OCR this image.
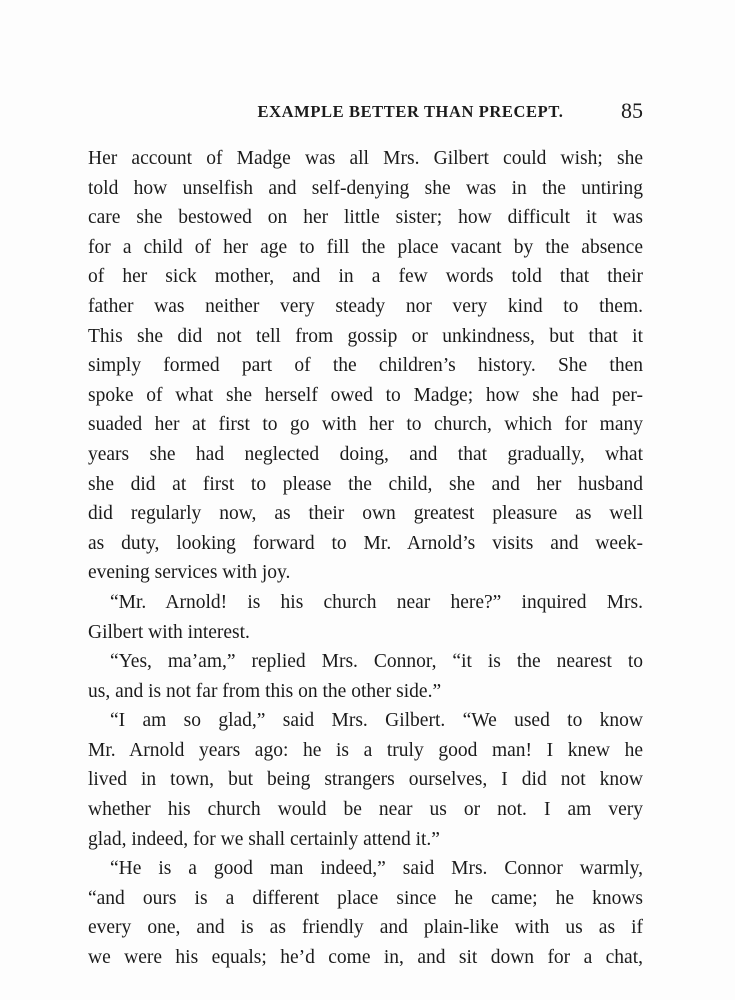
EXAMPLE BETTER THAN PRECEPT.	85

Her account of Madge was all Mrs. Gilbert could wish; she
told how unselfish and self-denying she was in the untiring
care she bestowed on her little sister; how difficult it was
for a child of her age to fill the place vacant by the absence
of her sick mother, and in a few words told that their
father was neither very steady nor very kind to them.
This she did not tell from gossip or unkindness, but that it
simply formed part of the children’s history. She then
spoke of what she herself owed to Madge; how she had per-
suaded her at first to go with her to church, which for many
years she had neglected doing, and that gradually, what
she did at first to please the child, she and her husband
did regularly now, as their own greatest pleasure as well
as duty, looking forward to Mr. Arnold’s visits and week-
evening services with joy.

“Mr. Arnold! is his church near here?” inquired Mrs.
Gilbert with interest.

“Yes, ma’am,” replied Mrs. Connor, “it is the nearest to
us, and is not far from this on the other side.”

“I am so glad,” said Mrs. Gilbert. “We used to know
Mr. Arnold years ago: he is a truly good man! I knew he
lived in town, but being strangers ourselves, I did not know
whether his church would be near us or not. I am very
glad, indeed, for we shall certainly attend it.”

“He is a good man indeed,” said Mrs. Connor warmly,
“and ours is a different place since he came; he knows
every one, and is as friendly and plain-like with us as if
we were his equals; he’d come in, and sit down for a chat,
